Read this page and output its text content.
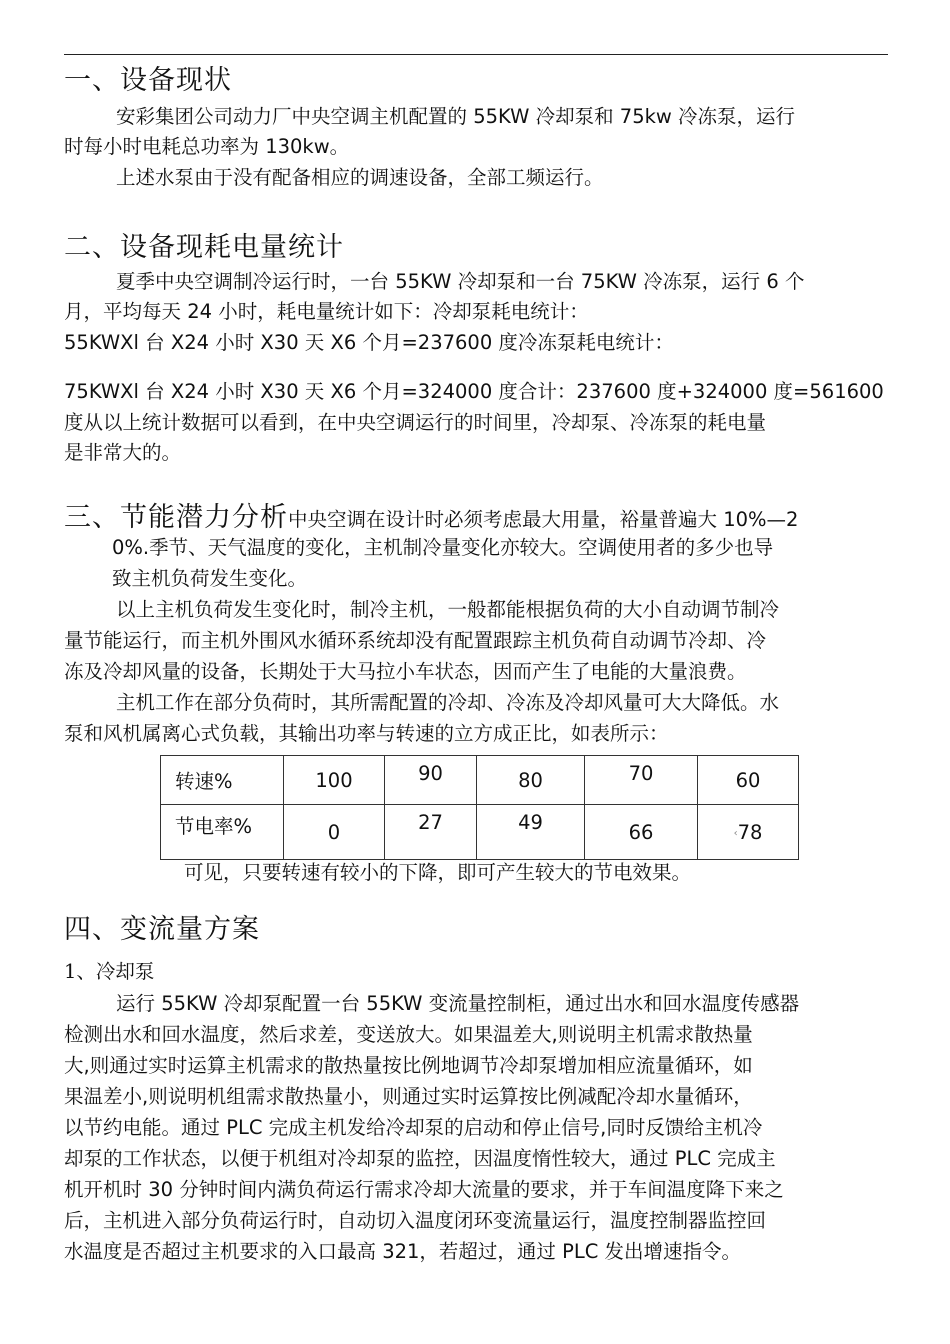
一、设备现状
安彩集团公司动力厂中央空调主机配置的 55KW 冷却泵和 75kw 冷冻泵，运行
时每小时电耗总功率为 130kw。
上述水泵由于没有配备相应的调速设备，全部工频运行。
二、设备现耗电量统计
夏季中央空调制冷运行时，一台 55KW 冷却泵和一台 75KW 冷冻泵，运行 6 个
月，平均每天 24 小时，耗电量统计如下：冷却泵耗电统计：
55KWXl 台 X24 小时 X30 天 X6 个月=237600 度冷冻泵耗电统计：
75KWXl 台 X24 小时 X30 天 X6 个月=324000 度合计：237600 度+324000 度=561600
度从以上统计数据可以看到，在中央空调运行的时间里，冷却泵、冷冻泵的耗电量
是非常大的。
三、节能潜力分析中央空调在设计时必须考虑最大用量，裕量普遍大 10%—2
0%.季节、天气温度的变化，主机制冷量变化亦较大。空调使用者的多少也导
致主机负荷发生变化。
以上主机负荷发生变化时，制冷主机，一般都能根据负荷的大小自动调节制冷
量节能运行，而主机外围风水循环系统却没有配置跟踪主机负荷自动调节冷却、冷
冻及冷却风量的设备，长期处于大马拉小车状态，因而产生了电能的大量浪费。
主机工作在部分负荷时，其所需配置的冷却、冷冻及冷却风量可大大降低。水
泵和风机属离心式负载，其输出功率与转速的立方成正比，如表所示：
转速%	100	90	80	70	60

节电率%	0	27	49	66	‹78
可见，只要转速有较小的下降，即可产生较大的节电效果。
四、变流量方案
1、冷却泵
运行 55KW 冷却泵配置一台 55KW 变流量控制柜，通过出水和回水温度传感器
检测出水和回水温度，然后求差，变送放大。如果温差大,则说明主机需求散热量
大,则通过实时运算主机需求的散热量按比例地调节冷却泵增加相应流量循环，如
果温差小,则说明机组需求散热量小，则通过实时运算按比例减配冷却水量循环，
以节约电能。通过 PLC 完成主机发给冷却泵的启动和停止信号,同时反馈给主机冷
却泵的工作状态，以便于机组对冷却泵的监控，因温度惰性较大，通过 PLC 完成主
机开机时 30 分钟时间内满负荷运行需求冷却大流量的要求，并于车间温度降下来之
后，主机进入部分负荷运行时，自动切入温度闭环变流量运行，温度控制器监控回
水温度是否超过主机要求的入口最高 321，若超过，通过 PLC 发出增速指令。
